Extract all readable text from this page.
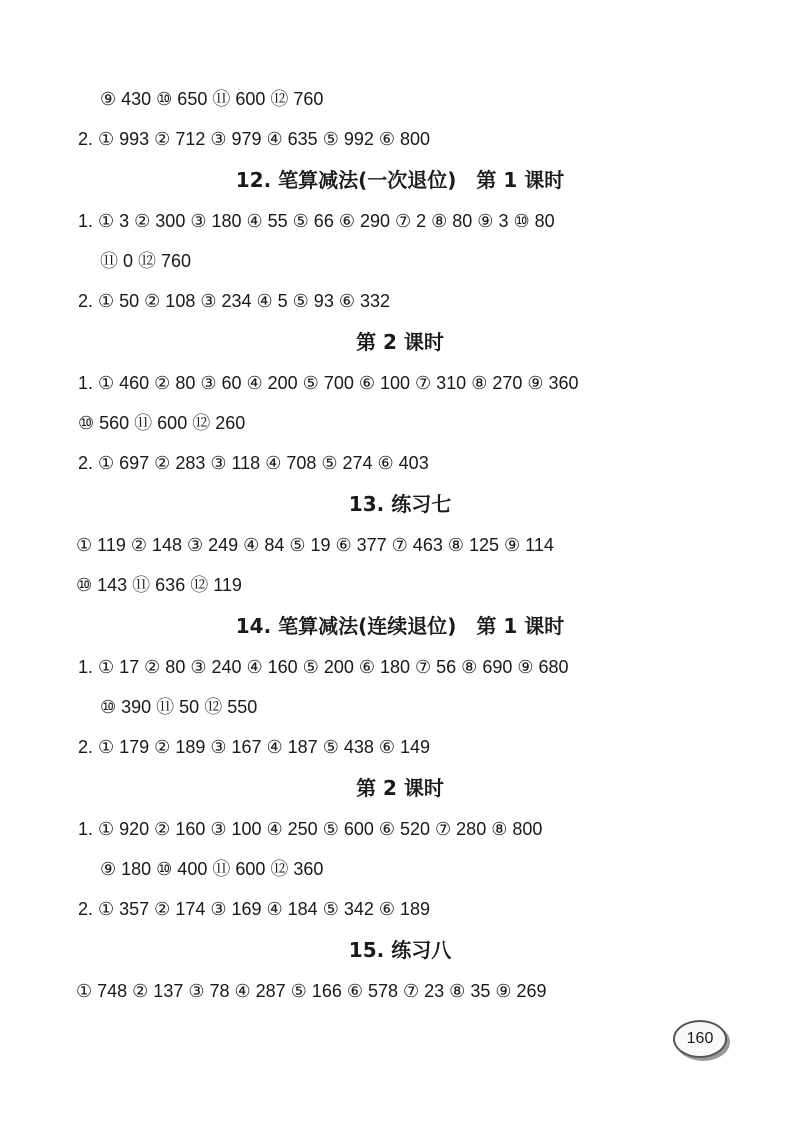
⑨ 430 ⑩ 650 ⑪ 600 ⑫ 760
2. ① 993 ② 712 ③ 979 ④ 635 ⑤ 992 ⑥ 800
12. 笔算减法(一次退位)　第 1 课时
1. ① 3 ② 300 ③ 180 ④ 55 ⑤ 66 ⑥ 290 ⑦ 2 ⑧ 80 ⑨ 3 ⑩ 80
⑪ 0 ⑫ 760
2. ① 50 ② 108 ③ 234 ④ 5 ⑤ 93 ⑥ 332
第 2 课时
1. ① 460 ② 80 ③ 60 ④ 200 ⑤ 700 ⑥ 100 ⑦ 310 ⑧ 270 ⑨ 360
⑩ 560 ⑪ 600 ⑫ 260
2. ① 697 ② 283 ③ 118 ④ 708 ⑤ 274 ⑥ 403
13. 练习七
① 119 ② 148 ③ 249 ④ 84 ⑤ 19 ⑥ 377 ⑦ 463 ⑧ 125 ⑨ 114
⑩ 143 ⑪ 636 ⑫ 119
14. 笔算减法(连续退位)　第 1 课时
1. ① 17 ② 80 ③ 240 ④ 160 ⑤ 200 ⑥ 180 ⑦ 56 ⑧ 690 ⑨ 680
⑩ 390 ⑪ 50 ⑫ 550
2. ① 179 ② 189 ③ 167 ④ 187 ⑤ 438 ⑥ 149
第 2 课时
1. ① 920 ② 160 ③ 100 ④ 250 ⑤ 600 ⑥ 520 ⑦ 280 ⑧ 800
⑨ 180 ⑩ 400 ⑪ 600 ⑫ 360
2. ① 357 ② 174 ③ 169 ④ 184 ⑤ 342 ⑥ 189
15. 练习八
① 748 ② 137 ③ 78 ④ 287 ⑤ 166 ⑥ 578 ⑦ 23 ⑧ 35 ⑨ 269
160
